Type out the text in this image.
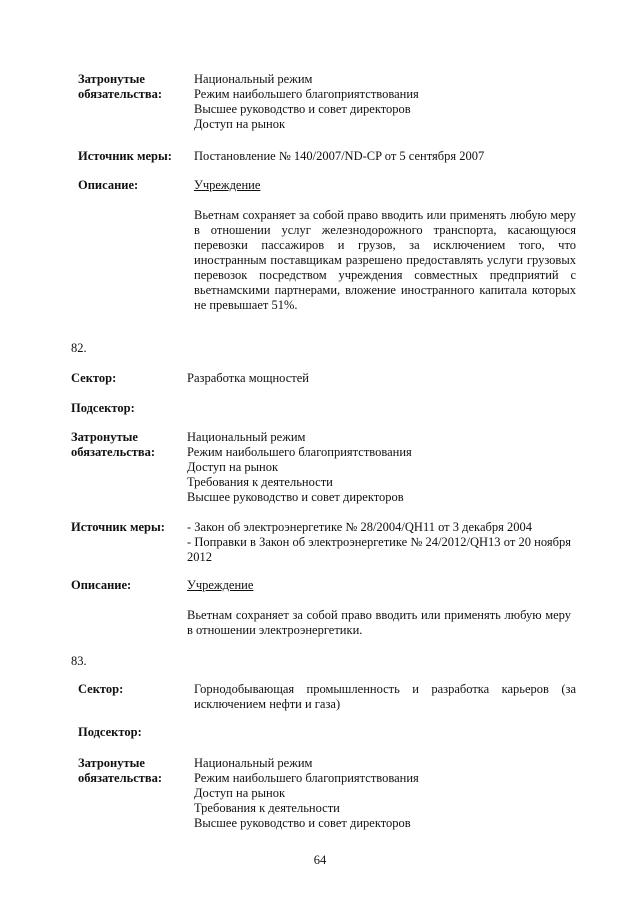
Затронутые обязательства:
Национальный режим
Режим наибольшего благоприятствования
Высшее руководство и совет директоров
Доступ на рынок
Источник меры: Постановление № 140/2007/ND-CP от 5 сентября 2007
Описание:	Учреждение
Вьетнам сохраняет за собой право вводить или применять любую меру в отношении услуг железнодорожного транспорта, касающуюся перевозки пассажиров и грузов, за исключением того, что иностранным поставщикам разрешено предоставлять услуги грузовых перевозок посредством учреждения совместных предприятий с вьетнамскими партнерами, вложение иностранного капитала которых не превышает 51%.
82.
Сектор:	Разработка мощностей
Подсектор:
Затронутые обязательства:
Национальный режим
Режим наибольшего благоприятствования
Доступ на рынок
Требования к деятельности
Высшее руководство и совет директоров
Источник меры: - Закон об электроэнергетике № 28/2004/QH11 от 3 декабря 2004
- Поправки в Закон об электроэнергетике № 24/2012/QH13 от 20 ноября 2012
Описание:	Учреждение
Вьетнам сохраняет за собой право вводить или применять любую меру в отношении электроэнергетики.
83.
Сектор:	Горнодобывающая промышленность и разработка карьеров (за исключением нефти и газа)
Подсектор:
Затронутые обязательства:
Национальный режим
Режим наибольшего благоприятствования
Доступ на рынок
Требования к деятельности
Высшее руководство и совет директоров
64
